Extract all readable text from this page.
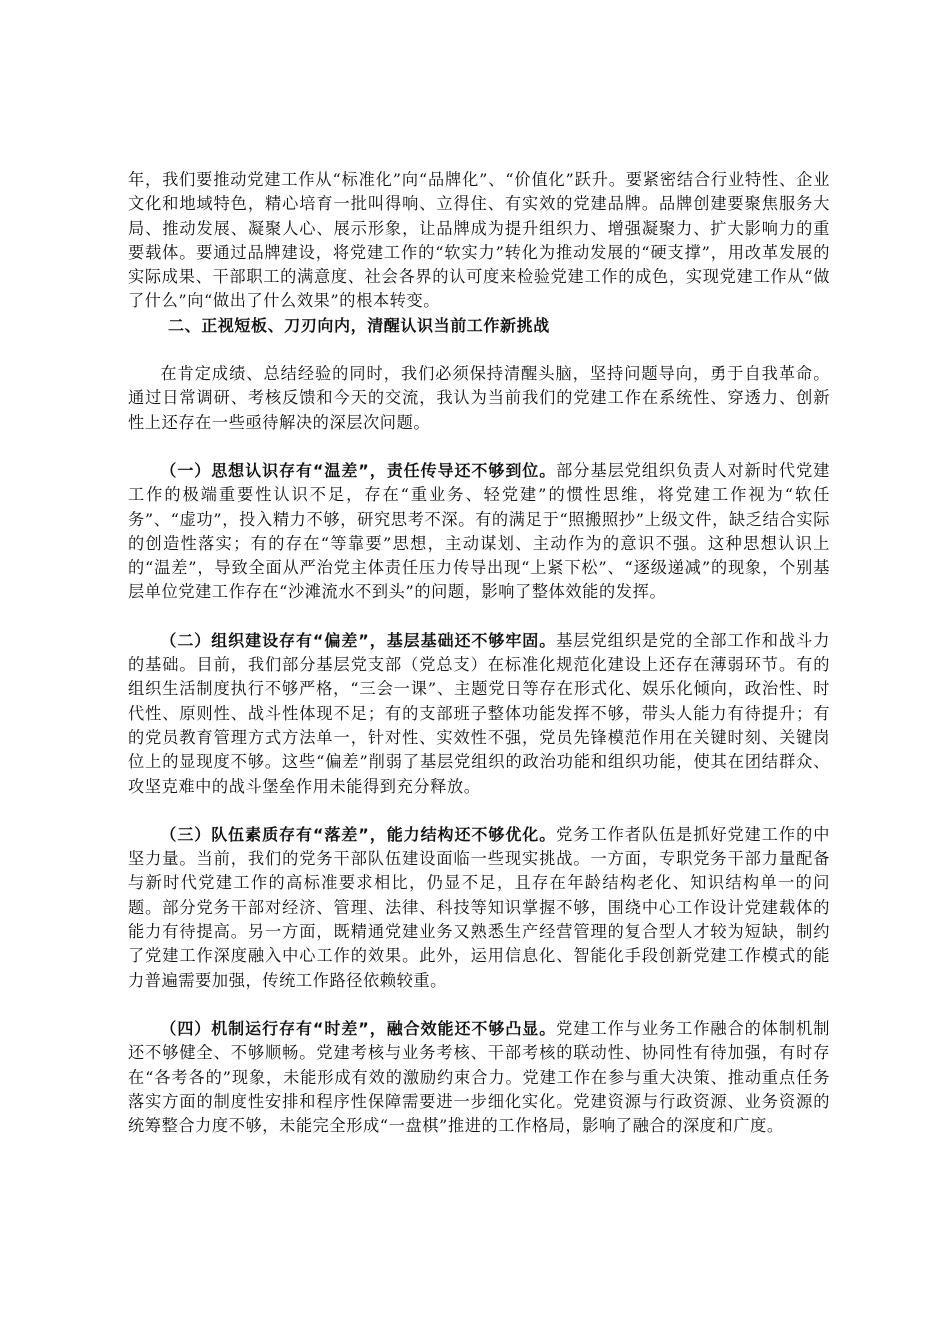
年，我们要推动党建工作从“标准化”向“品牌化”、“价值化”跃升。要紧密结合行业特性、企业文化和地域特色，精心培育一批叫得响、立得住、有实效的党建品牌。品牌创建要聚焦服务大局、推动发展、凝聚人心、展示形象，让品牌成为提升组织力、增强凝聚力、扩大影响力的重要载体。要通过品牌建设，将党建工作的“软实力”转化为推动发展的“硬支撑”，用改革发展的实际成果、干部职工的满意度、社会各界的认可度来检验党建工作的成色，实现党建工作从“做了什么”向“做出了什么效果”的根本转变。

二、正视短板、刀刃向内，清醒认识当前工作新挑战

在肯定成绩、总结经验的同时，我们必须保持清醒头脑，坚持问题导向，勇于自我革命。通过日常调研、考核反馈和今天的交流，我认为当前我们的党建工作在系统性、穿透力、创新性上还存在一些亟待解决的深层次问题。

（一）思想认识存有“温差”，责任传导还不够到位。部分基层党组织负责人对新时代党建工作的极端重要性认识不足，存在“重业务、轻党建”的惯性思维，将党建工作视为“软任务”、“虚功”，投入精力不够，研究思考不深。有的满足于“照搬照抄”上级文件，缺乏结合实际的创造性落实；有的存在“等靠要”思想，主动谋划、主动作为的意识不强。这种思想认识上的“温差”，导致全面从严治党主体责任压力传导出现“上紧下松”、“逐级递减”的现象，个别基层单位党建工作存在“沙滩流水不到头”的问题，影响了整体效能的发挥。

（二）组织建设存有“偏差”，基层基础还不够牢固。基层党组织是党的全部工作和战斗力的基础。目前，我们部分基层党支部（党总支）在标准化规范化建设上还存在薄弱环节。有的组织生活制度执行不够严格，“三会一课”、主题党日等存在形式化、娱乐化倾向，政治性、时代性、原则性、战斗性体现不足；有的支部班子整体功能发挥不够，带头人能力有待提升；有的党员教育管理方式方法单一，针对性、实效性不强，党员先锋模范作用在关键时刻、关键岗位上的显现度不够。这些“偏差”削弱了基层党组织的政治功能和组织功能，使其在团结群众、攻坚克难中的战斗堡垒作用未能得到充分释放。

（三）队伍素质存有“落差”，能力结构还不够优化。党务工作者队伍是抓好党建工作的中坚力量。当前，我们的党务干部队伍建设面临一些现实挑战。一方面，专职党务干部力量配备与新时代党建工作的高标准要求相比，仍显不足，且存在年龄结构老化、知识结构单一的问题。部分党务干部对经济、管理、法律、科技等知识掌握不够，围绕中心工作设计党建载体的能力有待提高。另一方面，既精通党建业务又熟悉生产经营管理的复合型人才较为短缺，制约了党建工作深度融入中心工作的效果。此外，运用信息化、智能化手段创新党建工作模式的能力普遍需要加强，传统工作路径依赖较重。

（四）机制运行存有“时差”，融合效能还不够凸显。党建工作与业务工作融合的体制机制还不够健全、不够顺畅。党建考核与业务考核、干部考核的联动性、协同性有待加强，有时存在“各考各的”现象，未能形成有效的激励约束合力。党建工作在参与重大决策、推动重点任务落实方面的制度性安排和程序性保障需要进一步细化实化。党建资源与行政资源、业务资源的统筹整合力度不够，未能完全形成“一盘棋”推进的工作格局，影响了融合的深度和广度。
